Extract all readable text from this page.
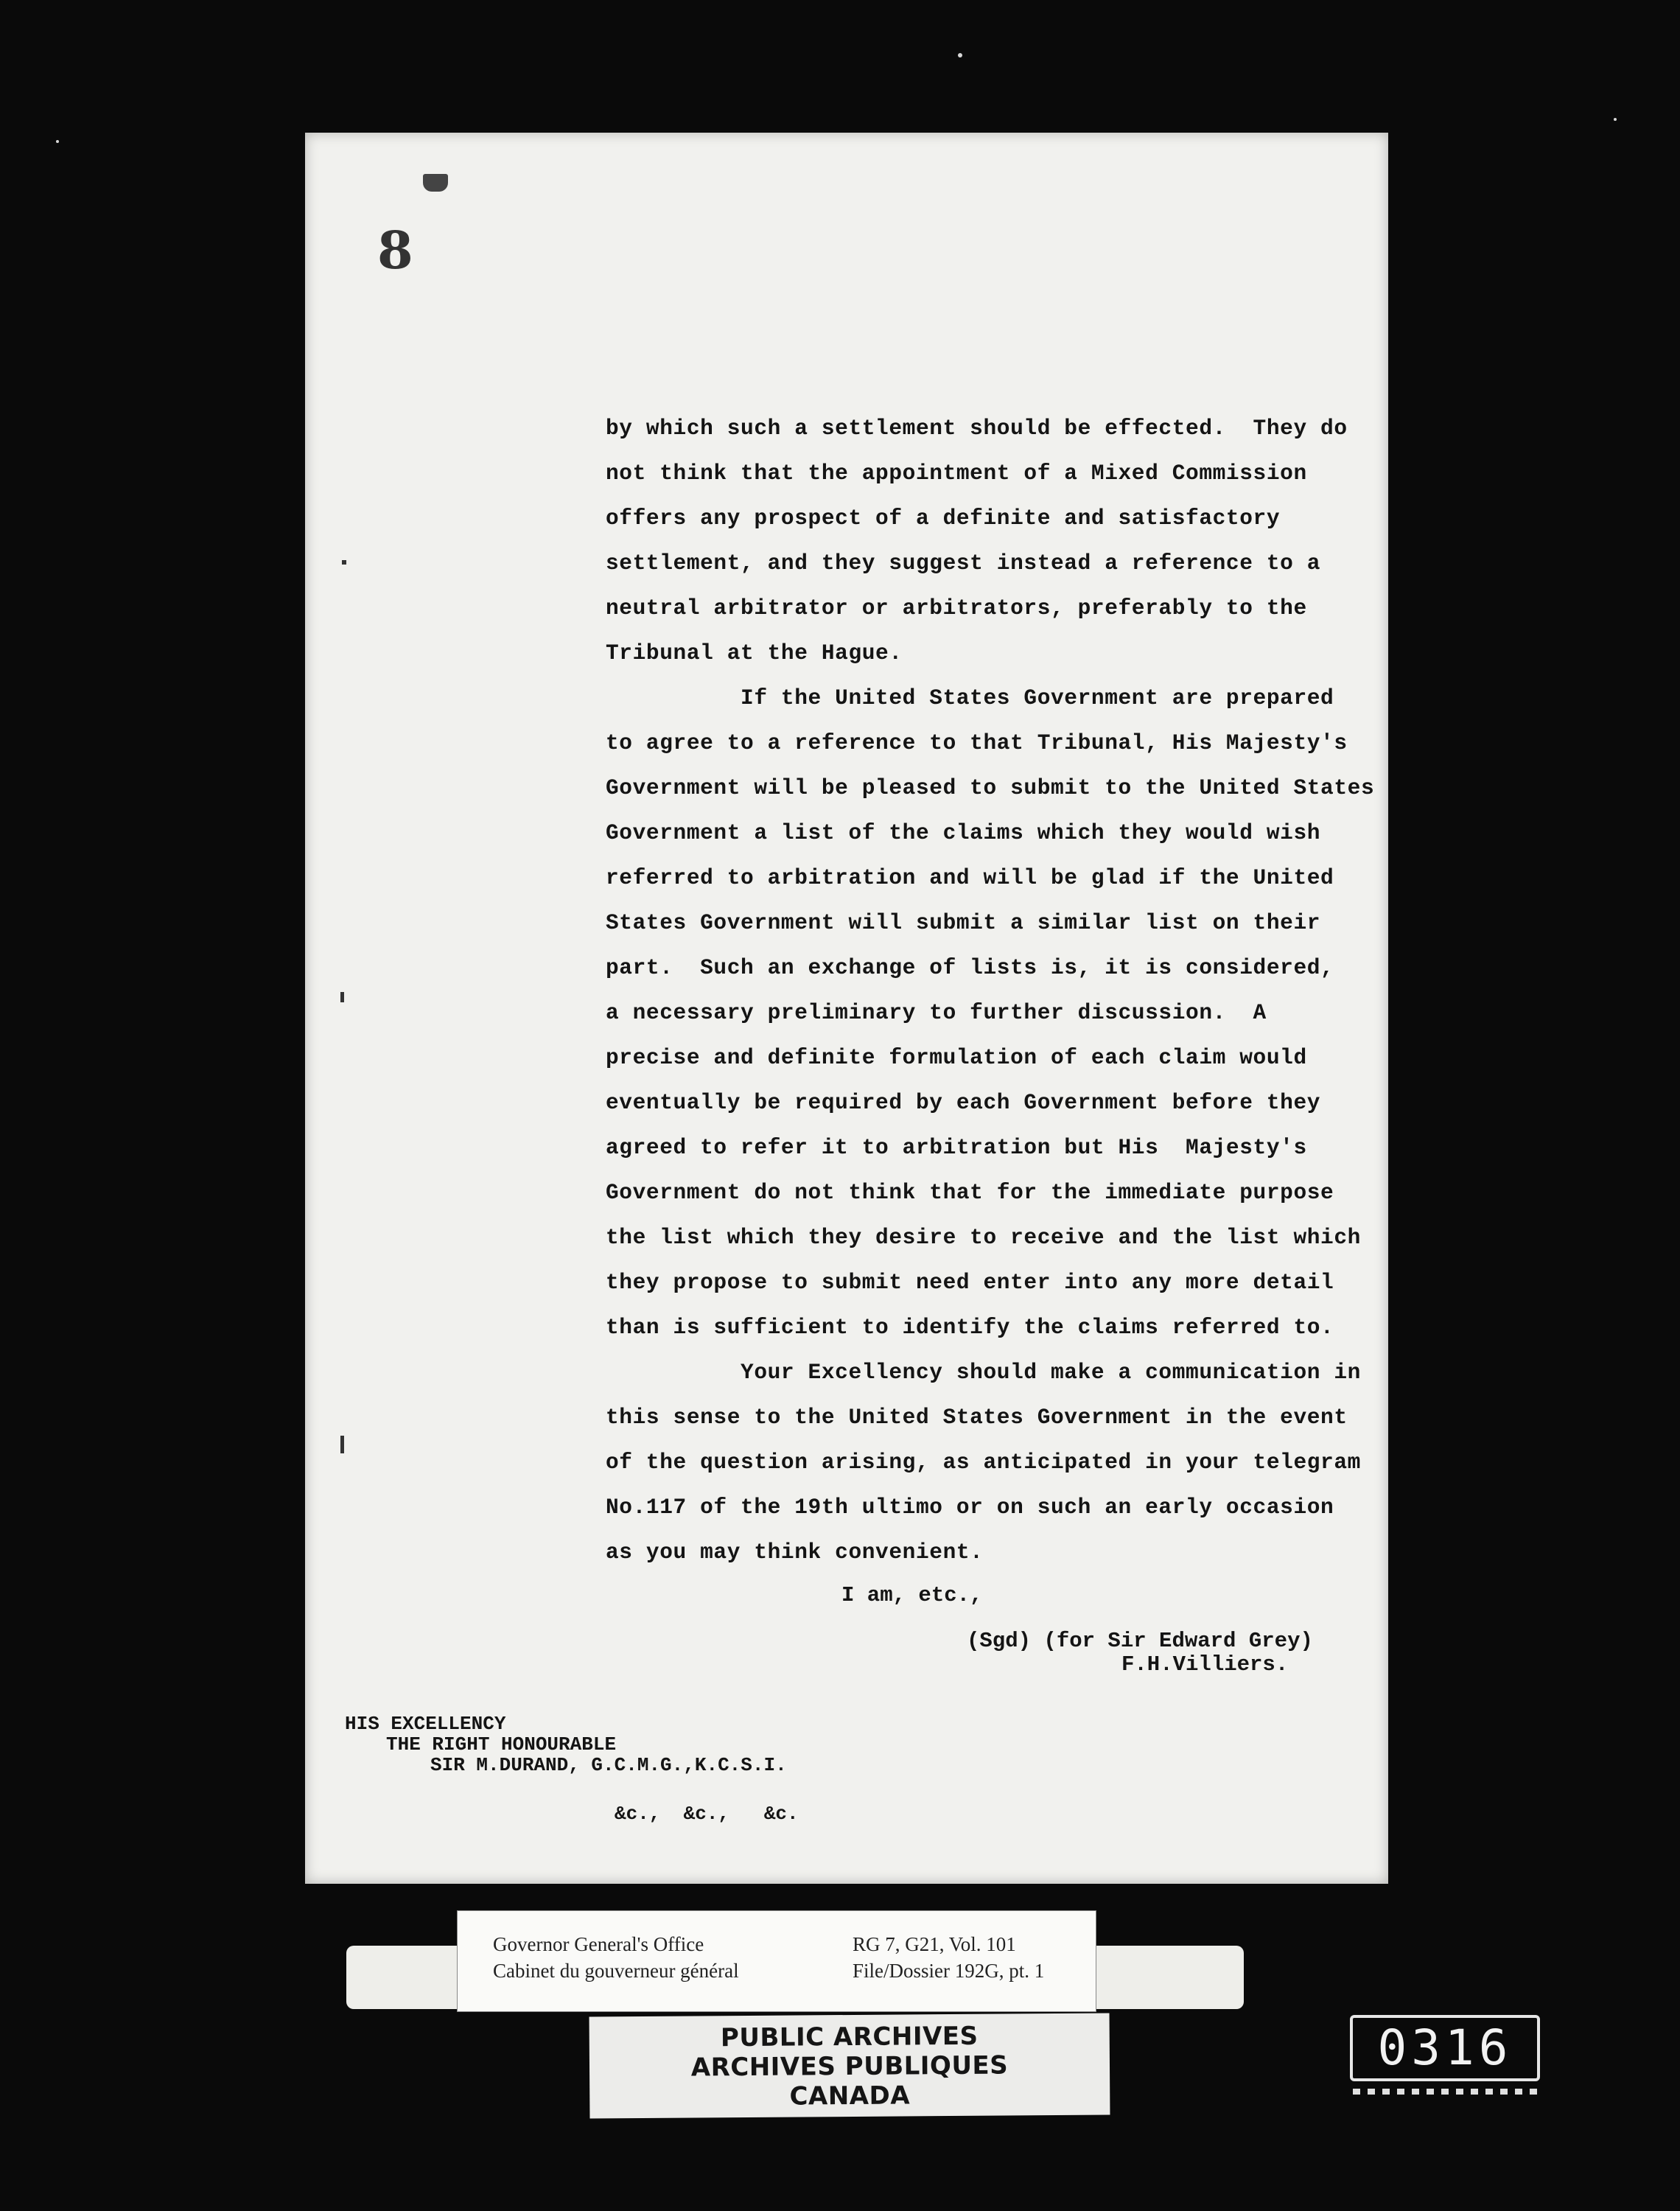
8

by which such a settlement should be effected.  They do

not think that the appointment of a Mixed Commission

offers any prospect of a definite and satisfactory

settlement, and they suggest instead a reference to a

neutral arbitrator or arbitrators, preferably to the

Tribunal at the Hague.

If the United States Government are prepared

to agree to a reference to that Tribunal, His Majesty's

Government will be pleased to submit to the United States

Government a list of the claims which they would wish

referred to arbitration and will be glad if the United

States Government will submit a similar list on their

part.  Such an exchange of lists is, it is considered,

a necessary preliminary to further discussion.  A

precise and definite formulation of each claim would

eventually be required by each Government before they

agreed to refer it to arbitration but His  Majesty's

Government do not think that for the immediate purpose

the list which they desire to receive and the list which

they propose to submit need enter into any more detail

than is sufficient to identify the claims referred to.

Your Excellency should make a communication in

this sense to the United States Government in the event

of the question arising, as anticipated in your telegram

No.117 of the 19th ultimo or on such an early occasion

as you may think convenient.

I am, etc.,

(Sgd) (for Sir Edward Grey)

F.H.Villiers.

HIS EXCELLENCY

THE RIGHT HONOURABLE

SIR M.DURAND, G.C.M.G.,K.C.S.I.

&c.,  &c.,   &c.

Governor General's Office

Cabinet du gouverneur général

RG 7, G21, Vol. 101

File/Dossier 192G, pt. 1

PUBLIC ARCHIVES

ARCHIVES PUBLIQUES

CANADA

0316
